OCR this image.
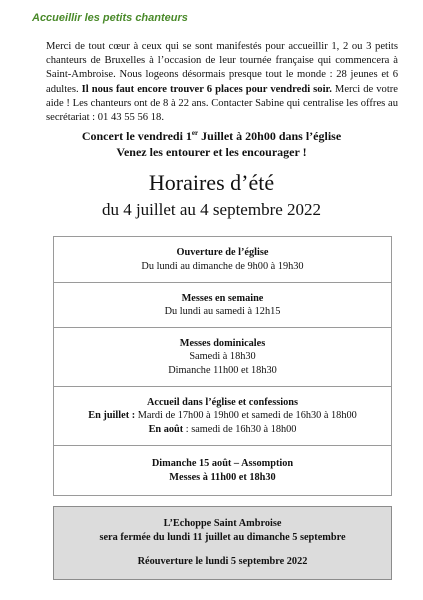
Accueillir les petits chanteurs
Merci de tout cœur à ceux qui se sont manifestés pour accueillir 1, 2 ou 3 petits chanteurs de Bruxelles à l’occasion de leur tournée française qui commencera à Saint-Ambroise. Nous logeons désormais presque tout le monde : 28 jeunes et 6 adultes. Il nous faut encore trouver 6 places pour vendredi soir. Merci de votre aide ! Les chanteurs ont de 8 à 22 ans. Contacter Sabine qui centralise les offres au secrétariat : 01 43 55 56 18.
Concert le vendredi 1er Juillet à 20h00 dans l’église
Venez les entourer et les encourager !
Horaires d’été
du 4 juillet au 4 septembre 2022
Ouverture de l’église
Du lundi au dimanche de 9h00 à 19h30
Messes en semaine
Du lundi au samedi à 12h15
Messes dominicales
Samedi à 18h30
Dimanche 11h00 et 18h30
Accueil dans l’église et confessions
En juillet : Mardi de 17h00 à 19h00 et samedi de 16h30 à 18h00
En août : samedi de 16h30 à 18h00
Dimanche 15 août – Assomption
Messes à 11h00 et 18h30
L’Echoppe Saint Ambroise
sera fermée du lundi 11 juillet au dimanche 5 septembre
Réouverture le lundi 5 septembre 2022
